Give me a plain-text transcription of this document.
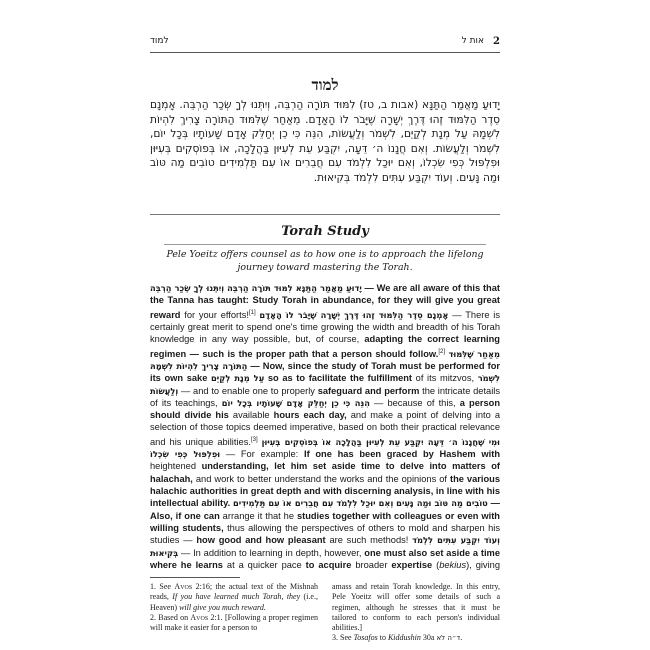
למוד	אות ל 2
למוד
יָדוּעַ מַאֲמַר הַתַּנָּא (אבות ב, טז) לִמּוּד תּוֹרָה הַרְבֵּה, וְיִתְּנוּ לְךָ שְׂכַר הַרְבֵּה. אָמְנָם סֵדֶר הַלִּמּוּד זֶהוּ דֶּרֶךְ יְשָׁרָה שֶׁיָּבֹר לוֹ הָאָדָם. מֵאַחַר שֶׁלִּמּוּד הַתּוֹרָה צָרִיךְ לִהְיוֹת לִשְׁמָהּ עַל מְנָת לְקַיֵּם, לִשְׁמֹר וְלַעֲשׂוֹת, הִנֵּה כִּי כֵן יְחַלֵּק אָדָם שָׁעוֹתָיו בְּכָל יוֹם, לִשְׁמֹר וְלַעֲשׂוֹת. וְאִם חֲנָנוֹ ה׳ דֵּעָה, יִקְבַּע עֵת לְעִיּוּן בַּהֲלָכָה, אוֹ בְּפוֹסְקִים בְּעִיּוּן וּפִלְפּוּל כְּפִי שִׂכְלוֹ, וְאִם יוּכַל לִלְמֹד עִם חֲבֵרִים אוֹ עִם תַּלְמִידִים טוֹבִים מַה טּוֹב וּמַה נָּעִים. וְעוֹד יִקְבַּע עִתִּים לִלְמֹד בְּקִיאוּת.
Torah Study
Pele Yoeitz offers counsel as to how one is to approach the lifelong journey toward mastering the Torah.
יָדוּעַ מַאֲמַר הַתַּנָּא לִמּוּד תּוֹרָה הַרְבֵּה וְיִתְּנוּ לְךָ שְׂכַר הַרְבֵּה — We are all aware of this that the Tanna has taught: Study Torah in abundance, for they will give you great reward for your efforts![1] אָמְנָם סֵדֶר הַלִּמּוּד זֶהוּ דֶּרֶךְ יְשָׁרָה שֶׁיָּבֹר לוֹ הָאָדָם — There is certainly great merit to spend one's time growing the width and breadth of his Torah knowledge in any way possible, but, of course, adapting the correct learning regimen — such is the proper path that a person should follow.[2] מֵאַחַר שֶׁלִּמּוּד הַתּוֹרָה צָרִיךְ לִהְיוֹת לִשְׁמָהּ — Now, since the study of Torah must be performed for its own sake עַל מְנָת לְקַיֵּם so as to facilitate the fulfillment of its mitzvos, לִשְׁמֹר וְלַעֲשׂוֹת — and to enable one to properly safeguard and perform the intricate details of its teachings, הִנֵּה כִּי כֵן יְחַלֵּק אָדָם שָׁעוֹתָיו בְּכָל יוֹם — because of this, a person should divide his available hours each day, and make a point of delving into a selection of those topics deemed imperative, based on both their practical relevance and his unique abilities.[3] וּמִי שֶׁחֲנָנוֹ ה׳ דֵּעָה יִקְבַּע עֵת לְעִיּוּן בַּהֲלָכָה אוֹ בְּפוֹסְקִים בְּעִיּוּן וּפִלְפּוּל כְּפִי שִׂכְלוֹ — For example: If one has been graced by Hashem with heightened understanding, let him set aside time to delve into matters of halachah, and work to better understand the works and the opinions of the various halachic authorities in great depth and with discerning analysis, in line with his intellectual ability. וְאִם יוּכַל לִלְמֹד עִם חֲבֵרִים אוֹ עִם תַּלְמִידִים טוֹבִים מַה טּוֹב וּמַה נָּעִים — Also, if one can arrange it that he studies together with colleagues or even with willing students, thus allowing the perspectives of others to mold and sharpen his studies — how good and how pleasant are such methods! וְעוֹד יִקְבַּע עִתִּים לִלְמֹד בְּקִיאוּת — In addition to learning in depth, however, one must also set aside a time where he learns at a quicker pace to acquire broader expertise (bekius), giving

1. See Avos 2:16; the actual text of the Mishnah reads, If you have learned much Torah, they (i.e., Heaven) will give you much reward.

2. Based on Avos 2:1. [Following a proper regimen will make it easier for a person to

amass and retain Torah knowledge. In this entry, Pele Yoeitz will offer some details of such a regimen, although he stresses that it must be tailored to conform to each person's individual abilities.]

3. See Tosafos to Kiddushin 30a ד״ה לא.
